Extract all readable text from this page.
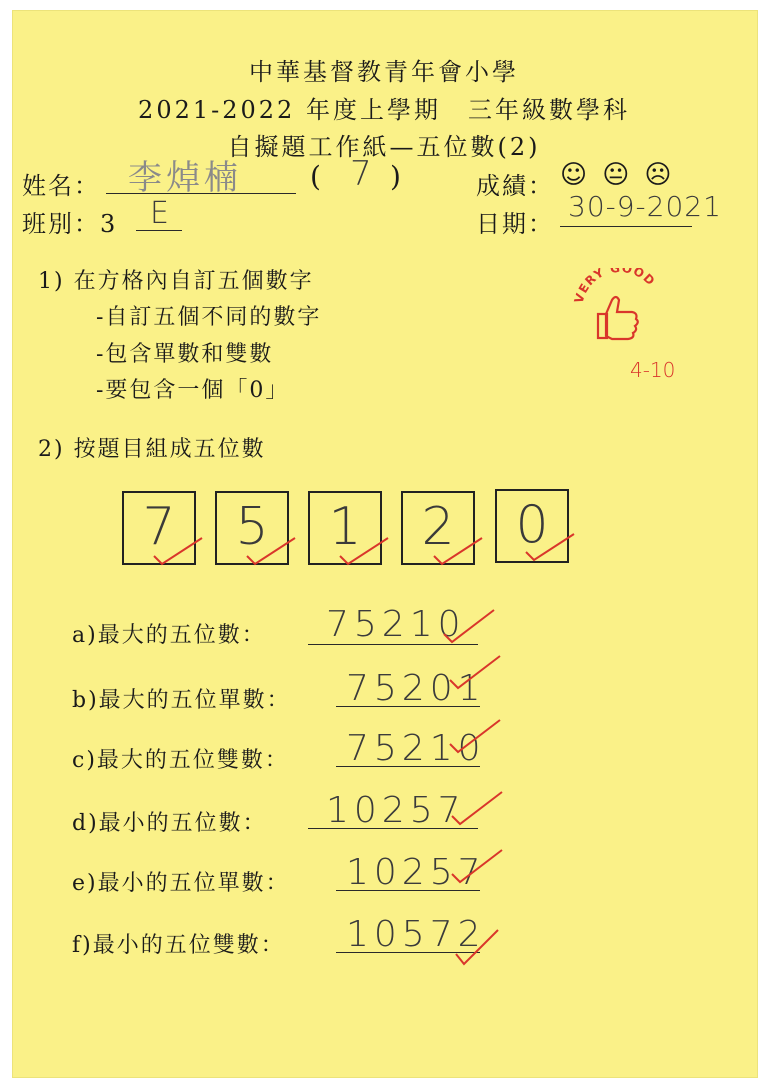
中華基督教青年會小學
2021-2022 年度上學期　三年級數學科
自擬題工作紙—五位數(2)
姓名： 李焯楠 ( 7 )	成績： ☺ 😐 ☹
班別：3 E	日期：
30-9-2021
1) 在方格內自訂五個數字
-自訂五個不同的數字
-包含單數和雙數
-要包含一個「0」
2) 按題目組成五位數
VERY GOOD
4-10
7	5	1	2	0
a)最大的五位數： 75210
b)最大的五位單數： 75201
c)最大的五位雙數： 75210
d)最小的五位數： 10257
e)最小的五位單數： 10257
f)最小的五位雙數： 10572
